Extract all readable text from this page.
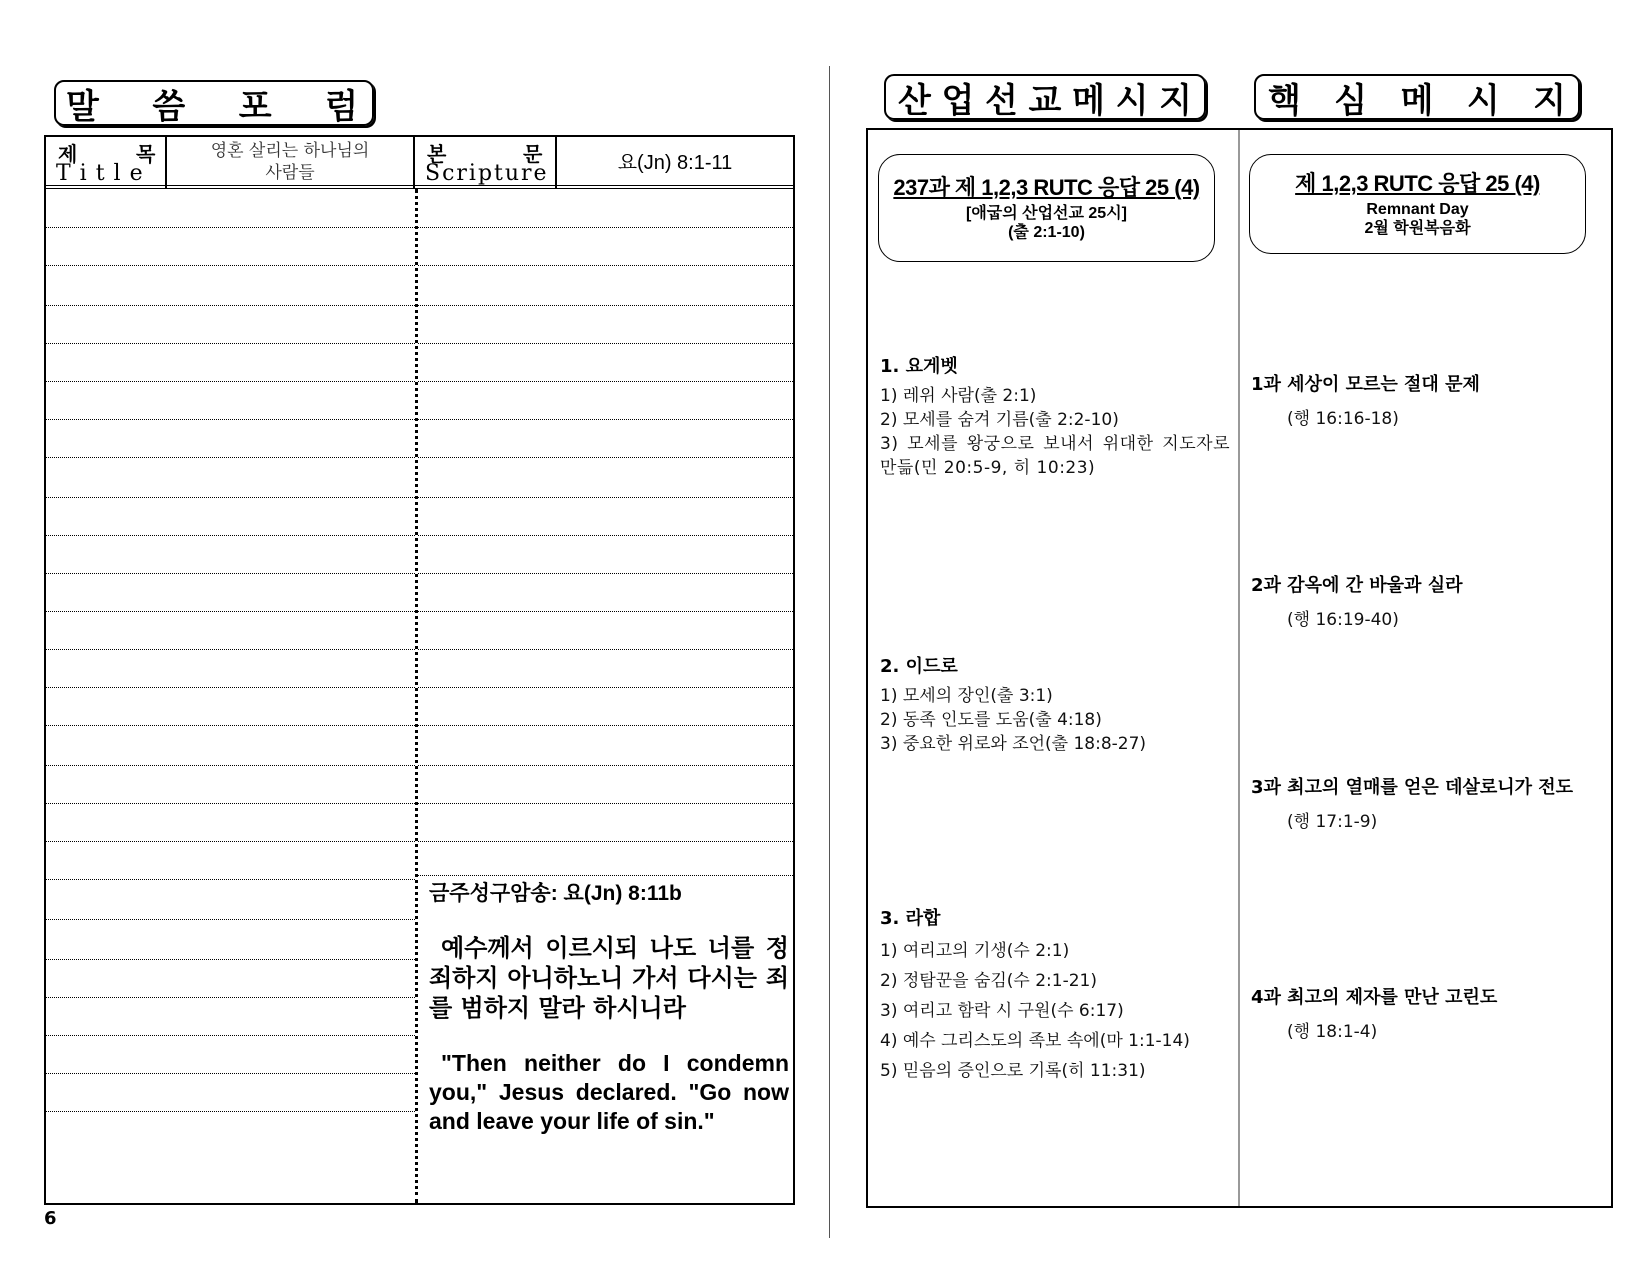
말 씀 포 럼
제	목
Title
영혼 살리는 하나님의
사람들
본	문
Scripture	요(Jn) 8:1-11
금주성구암송: 요(Jn) 8:11b
예수께서 이르시되 나도 너를 정죄하지 아니하노니 가서 다시는 죄를 범하지 말라 하시니라
"Then neither do I condemn you," Jesus declared. "Go now and leave your life of sin."
6
산 업 선 교 메 시 지 핵 심 메 시 지
237과 제 1,2,3 RUTC 응답 25 (4)
[애굽의 산업선교 25시]
(출 2:1-10)
제 1,2,3 RUTC 응답 25 (4)
Remnant Day
2월 학원복음화
1. 요게벳
1) 레위 사람(출 2:1)
2) 모세를 숨겨 기름(출 2:2-10)
3) 모세를 왕궁으로 보내서 위대한 지도자로 만듦(민 20:5-9, 히 10:23)
2. 이드로
1) 모세의 장인(출 3:1)
2) 동족 인도를 도움(출 4:18)
3) 중요한 위로와 조언(출 18:8-27)
3. 라합
1) 여리고의 기생(수 2:1)
2) 정탐꾼을 숨김(수 2:1-21)
3) 여리고 함락 시 구원(수 6:17)
4) 예수 그리스도의 족보 속에(마 1:1-14)
5) 믿음의 증인으로 기록(히 11:31)
1과 세상이 모르는 절대 문제
(행 16:16-18)
2과 감옥에 간 바울과 실라
(행 16:19-40)
3과 최고의 열매를 얻은 데살로니가 전도
(행 17:1-9)
4과 최고의 제자를 만난 고린도
(행 18:1-4)
